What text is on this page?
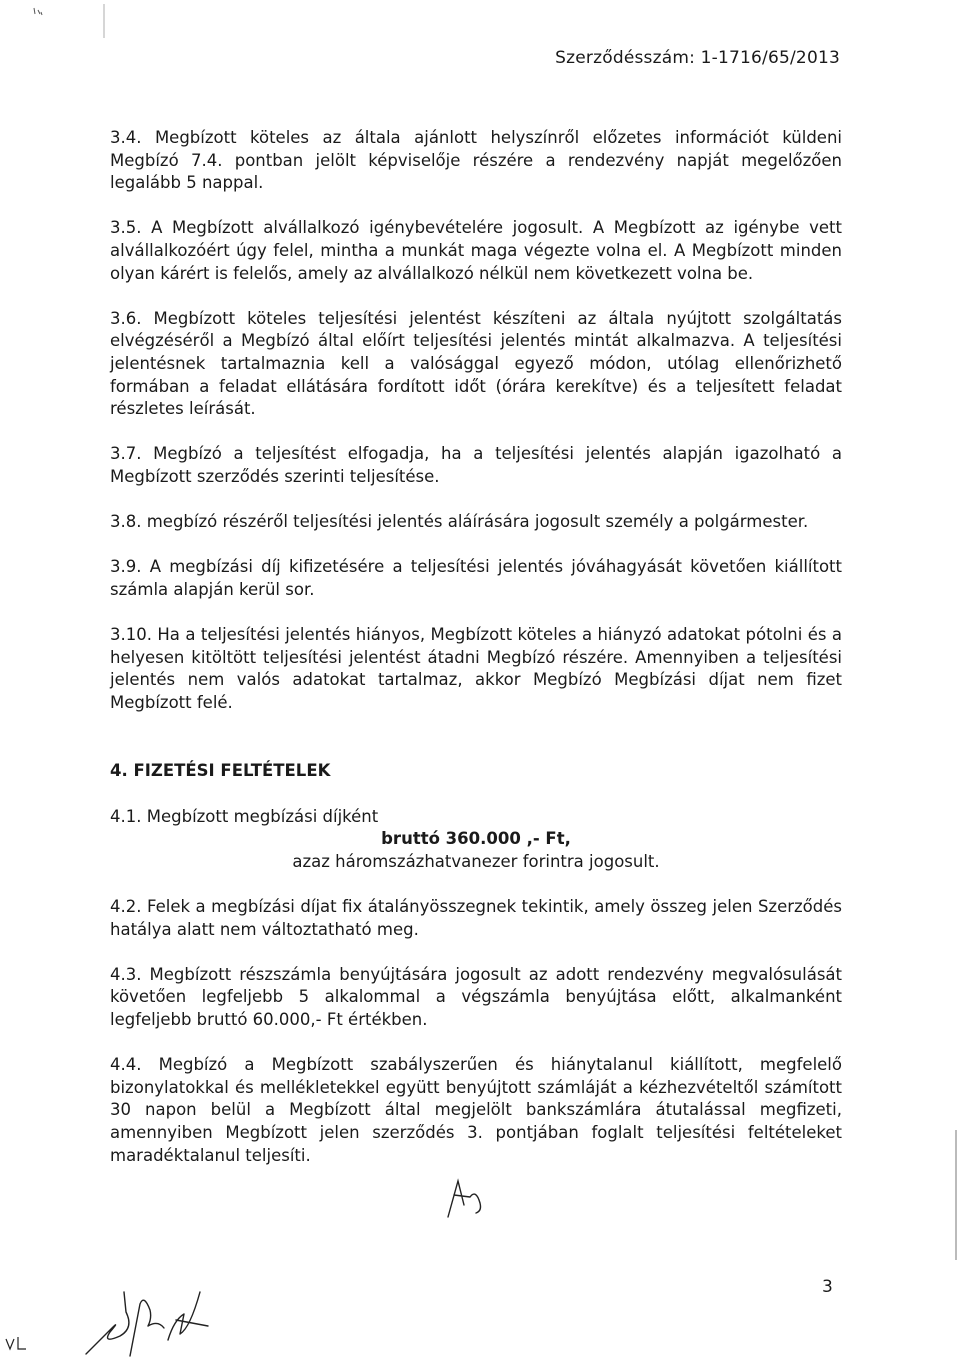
Szerződésszám: 1-1716/65/2013

3.4. Megbízott köteles az általa ajánlott helyszínről előzetes információt küldeni Megbízó 7.4. pontban jelölt képviselője részére a rendezvény napját megelőzően legalább 5 nappal.

3.5. A Megbízott alvállalkozó igénybevételére jogosult. A Megbízott az igénybe vett alvállalkozóért úgy felel, mintha a munkát maga végezte volna el. A Megbízott minden olyan kárért is felelős, amely az alvállalkozó nélkül nem következett volna be.

3.6. Megbízott köteles teljesítési jelentést készíteni az általa nyújtott szolgáltatás elvégzéséről a Megbízó által előírt teljesítési jelentés mintát alkalmazva. A teljesítési jelentésnek tartalmaznia kell a valósággal egyező módon, utólag ellenőrizhető formában a feladat ellátására fordított időt (órára kerekítve) és a teljesített feladat részletes leírását.

3.7. Megbízó a teljesítést elfogadja, ha a teljesítési jelentés alapján igazolható a Megbízott szerződés szerinti teljesítése.

3.8. megbízó részéről teljesítési jelentés aláírására jogosult személy a polgármester.

3.9. A megbízási díj kifizetésére a teljesítési jelentés jóváhagyását követően kiállított számla alapján kerül sor.

3.10. Ha a teljesítési jelentés hiányos, Megbízott köteles a hiányzó adatokat pótolni és a helyesen kitöltött teljesítési jelentést átadni Megbízó részére. Amennyiben a teljesítési jelentés nem valós adatokat tartalmaz, akkor Megbízó Megbízási díjat nem fizet Megbízott felé.

4. FIZETÉSI FELTÉTELEK

4.1. Megbízott megbízási díjként

bruttó 360.000 ,- Ft,

azaz háromszázhatvanezer forintra jogosult.

4.2. Felek a megbízási díjat fix átalányösszegnek tekintik, amely összeg jelen Szerződés hatálya alatt nem változtatható meg.

4.3. Megbízott részszámla benyújtására jogosult az adott rendezvény megvalósulását követően legfeljebb 5 alkalommal a végszámla benyújtása előtt, alkalmanként legfeljebb bruttó 60.000,- Ft értékben.

4.4. Megbízó a Megbízott szabályszerűen és hiánytalanul kiállított, megfelelő bizonylatokkal és mellékletekkel együtt benyújtott számláját a kézhezvételtől számított 30 napon belül a Megbízott által megjelölt bankszámlára átutalással megfizeti, amennyiben Megbízott jelen szerződés 3. pontjában foglalt teljesítési feltételeket maradéktalanul teljesíti.

3
